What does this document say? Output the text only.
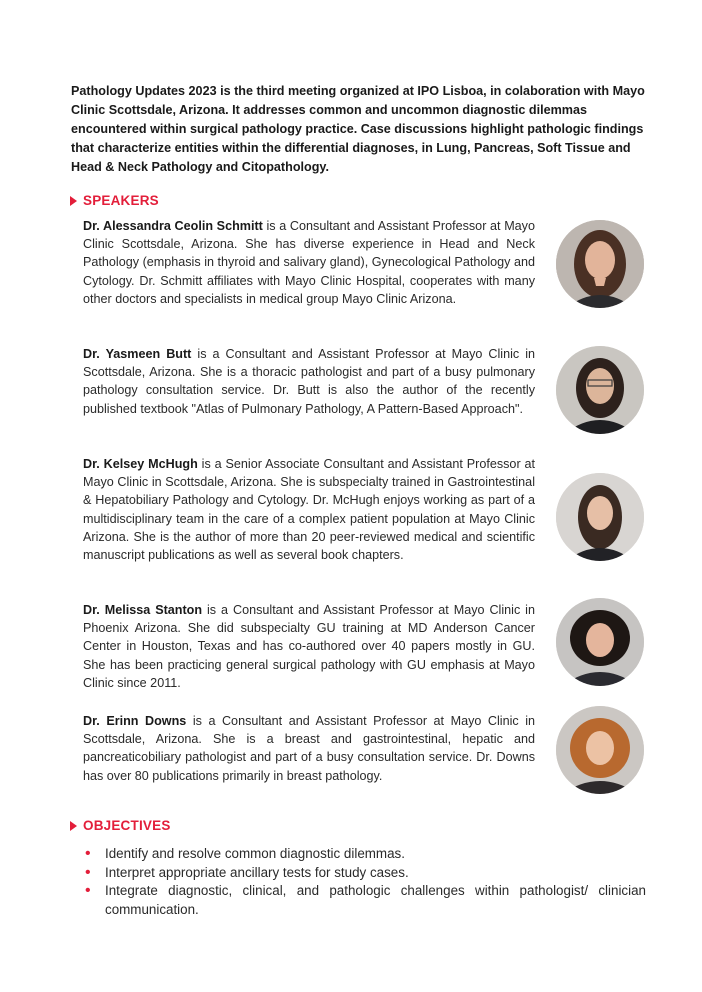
Pathology Updates 2023 is the third meeting organized at IPO Lisboa, in colaboration with Mayo Clinic Scottsdale, Arizona. It addresses common and uncommon diagnostic dilemmas encountered within surgical pathology practice. Case discussions highlight pathologic findings that characterize entities within the differential diagnoses, in Lung, Pancreas, Soft Tissue and Head & Neck Pathology and Citopathology.

SPEAKERS

Dr. Alessandra Ceolin Schmitt is a Consultant and Assistant Professor at Mayo Clinic Scottsdale, Arizona. She has diverse experience in Head and Neck Pathology (emphasis in thyroid and salivary gland), Gynecological Pathology and Cytology. Dr. Schmitt affiliates with Mayo Clinic Hospital, cooperates with many other doctors and specialists in medical group Mayo Clinic Arizona.

Dr. Yasmeen Butt is a Consultant and Assistant Professor at Mayo Clinic in Scottsdale, Arizona. She is a thoracic pathologist and part of a busy pulmonary pathology consultation service. Dr. Butt is also the author of the recently published textbook "Atlas of Pulmonary Pathology, A Pattern-Based Approach".

Dr. Kelsey McHugh is a Senior Associate Consultant and Assistant Professor at Mayo Clinic in Scottsdale, Arizona. She is subspecialty trained in Gastrointestinal & Hepatobiliary Pathology and Cytology. Dr. McHugh enjoys working as part of a multidisciplinary team in the care of a complex patient population at Mayo Clinic Arizona. She is the author of more than 20 peer-reviewed medical and scientific manuscript publications as well as several book chapters.

Dr. Melissa Stanton is a Consultant and Assistant Professor at Mayo Clinic in Phoenix Arizona. She did subspecialty GU training at MD Anderson Cancer Center in Houston, Texas and has co-authored over 40 papers mostly in GU. She has been practicing general surgical pathology with GU emphasis at Mayo Clinic since 2011.

Dr. Erinn Downs is a Consultant and Assistant Professor at Mayo Clinic in Scottsdale, Arizona. She is a breast and gastrointestinal, hepatic and pancreaticobiliary pathologist and part of a busy consultation service. Dr. Downs has over 80 publications primarily in breast pathology.

OBJECTIVES
• Identify and resolve common diagnostic dilemmas.
• Interpret appropriate ancillary tests for study cases.
• Integrate diagnostic, clinical, and pathologic challenges within pathologist/ clinician communication.
